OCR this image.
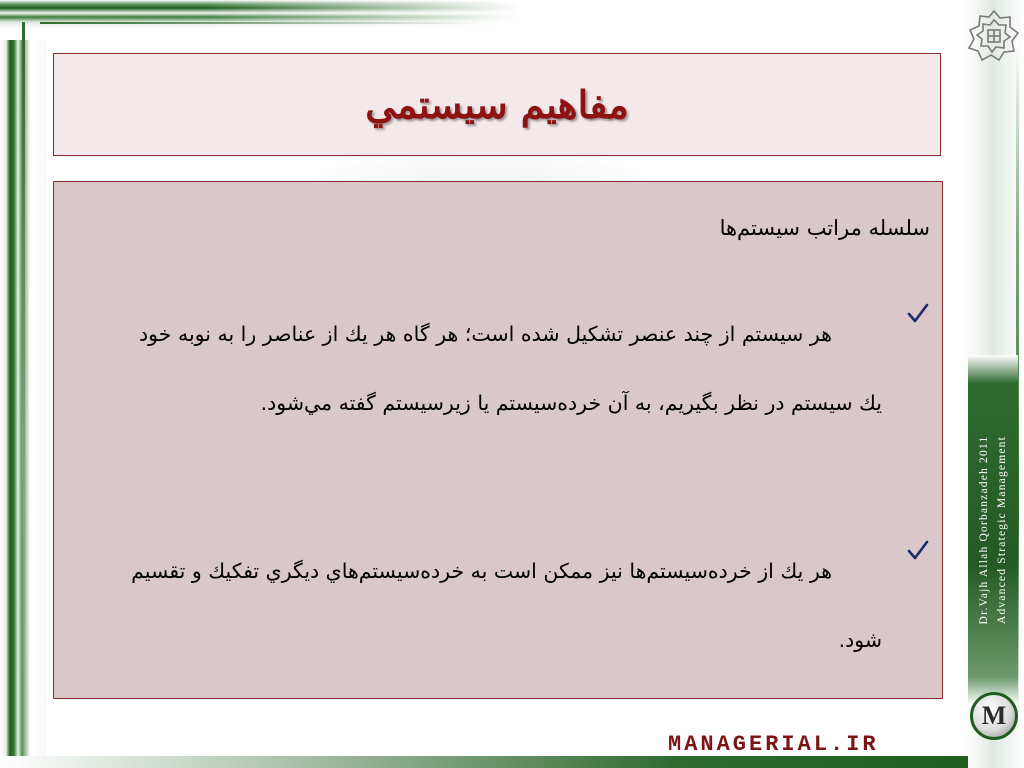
Dr.Vajh Allah Qorbanzadeh 2011 Advanced Strategic Management
مفاهيم سيستمي
سلسله مراتب سيستم‌ها
هر سيستم از چند عنصر تشكيل شده است؛ هر گاه هر يك از عناصر را به نوبه خود يك سيستم در نظر بگيريم، به آن خرده‌سيستم يا زيرسيستم گفته مي‌شود.
هر يك از خرده‌سيستم‌ها نيز ممكن است به خرده‌سيستم‌هاي ديگري تفكيك و تقسيم شود.
MANAGERIAL.IR
M
